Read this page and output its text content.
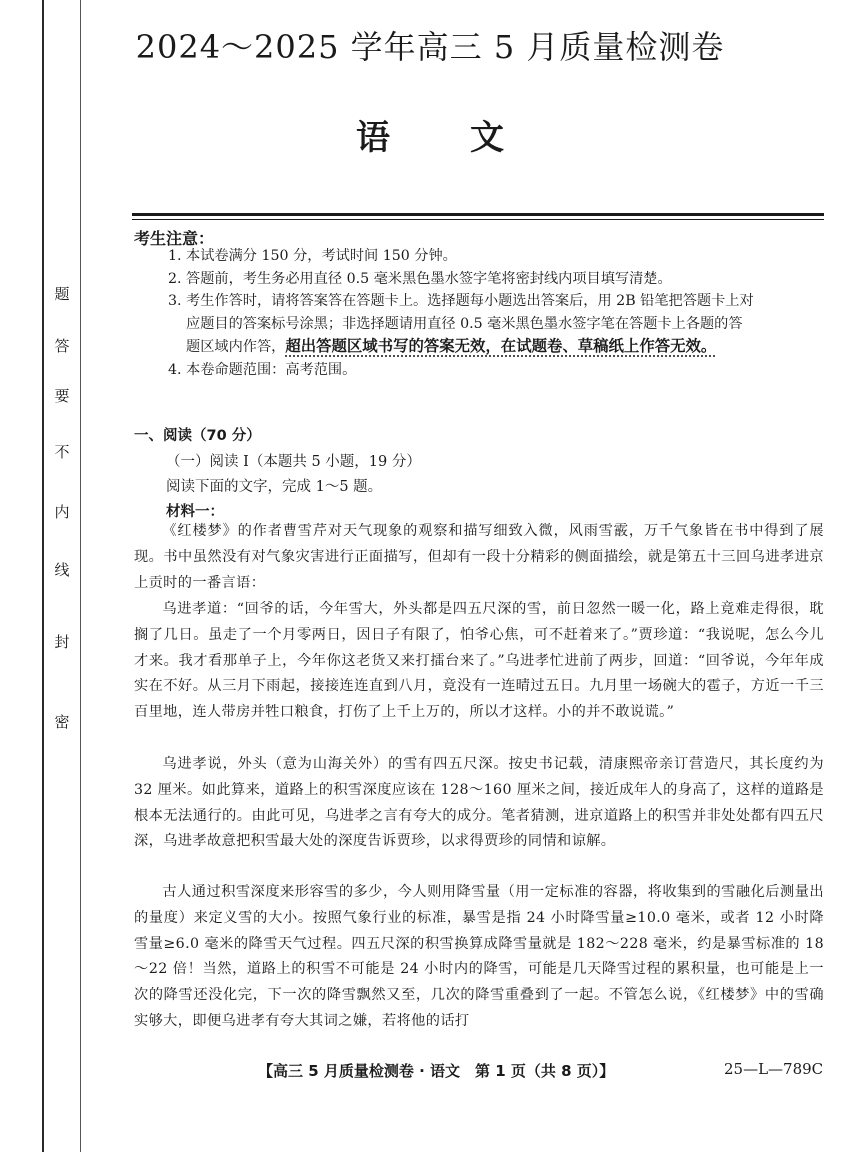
密
封
线
内
不
要
答
题
2024～2025 学年高三 5 月质量检测卷
语 文
考生注意：
1. 本试卷满分 150 分，考试时间 150 分钟。
2. 答题前，考生务必用直径 0.5 毫米黑色墨水签字笔将密封线内项目填写清楚。
3. 考生作答时，请将答案答在答题卡上。选择题每小题选出答案后，用 2B 铅笔把答题卡上对
应题目的答案标号涂黑；非选择题请用直径 0.5 毫米黑色墨水签字笔在答题卡上各题的答
题区域内作答，超出答题区域书写的答案无效，在试题卷、草稿纸上作答无效。
4. 本卷命题范围：高考范围。
一、阅读（70 分）
（一）阅读 Ⅰ（本题共 5 小题，19 分）
阅读下面的文字，完成 1～5 题。
材料一：
《红楼梦》的作者曹雪芹对天气现象的观察和描写细致入微，风雨雪霰，万千气象皆在书中得到了展现。书中虽然没有对气象灾害进行正面描写，但却有一段十分精彩的侧面描绘，就是第五十三回乌进孝进京上贡时的一番言语：
乌进孝道：“回爷的话，今年雪大，外头都是四五尺深的雪，前日忽然一暖一化，路上竟难走得很，耽搁了几日。虽走了一个月零两日，因日子有限了，怕爷心焦，可不赶着来了。”贾珍道：“我说呢，怎么今儿才来。我才看那单子上，今年你这老货又来打擂台来了。”乌进孝忙进前了两步，回道：“回爷说，今年年成实在不好。从三月下雨起，接接连连直到八月，竟没有一连晴过五日。九月里一场碗大的雹子，方近一千三百里地，连人带房并牲口粮食，打伤了上千上万的，所以才这样。小的并不敢说谎。”
乌进孝说，外头（意为山海关外）的雪有四五尺深。按史书记载，清康熙帝亲订营造尺，其长度约为 32 厘米。如此算来，道路上的积雪深度应该在 128～160 厘米之间，接近成年人的身高了，这样的道路是根本无法通行的。由此可见，乌进孝之言有夸大的成分。笔者猜测，进京道路上的积雪并非处处都有四五尺深，乌进孝故意把积雪最大处的深度告诉贾珍，以求得贾珍的同情和谅解。
古人通过积雪深度来形容雪的多少，今人则用降雪量（用一定标准的容器，将收集到的雪融化后测量出的量度）来定义雪的大小。按照气象行业的标准，暴雪是指 24 小时降雪量≥10.0 毫米，或者 12 小时降雪量≥6.0 毫米的降雪天气过程。四五尺深的积雪换算成降雪量就是 182～228 毫米，约是暴雪标准的 18～22 倍！当然，道路上的积雪不可能是 24 小时内的降雪，可能是几天降雪过程的累积量，也可能是上一次的降雪还没化完，下一次的降雪飘然又至，几次的降雪重叠到了一起。不管怎么说，《红楼梦》中的雪确实够大，即便乌进孝有夸大其词之嫌，若将他的话打
【高三 5 月质量检测卷 · 语文　第 1 页（共 8 页）】	25—L—789C
